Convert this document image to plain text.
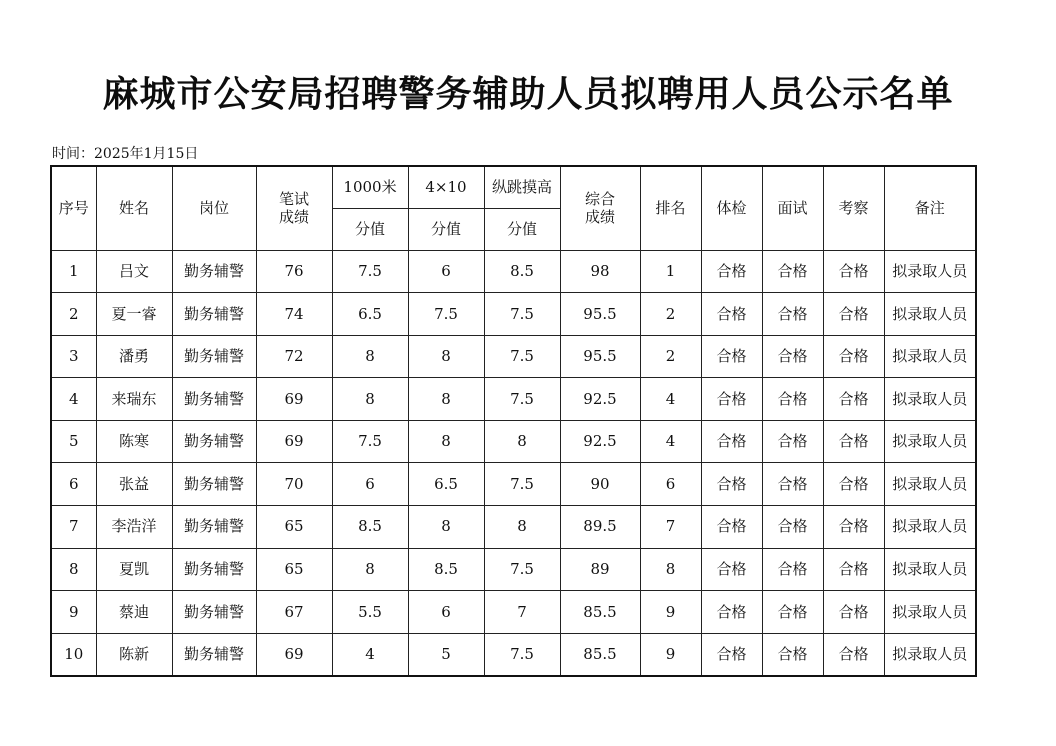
麻城市公安局招聘警务辅助人员拟聘用人员公示名单
时间：2025年1月15日
序号	姓名	岗位	笔试成绩	1000米	4×10	纵跳摸高	综合成绩	排名	体检	面试	考察	备注
				分值	分值	分值						
1	吕文	勤务辅警	76	7.5	6	8.5	98	1	合格	合格	合格	拟录取人员
2	夏一睿	勤务辅警	74	6.5	7.5	7.5	95.5	2	合格	合格	合格	拟录取人员
3	潘勇	勤务辅警	72	8	8	7.5	95.5	2	合格	合格	合格	拟录取人员
4	来瑞东	勤务辅警	69	8	8	7.5	92.5	4	合格	合格	合格	拟录取人员
5	陈寒	勤务辅警	69	7.5	8	8	92.5	4	合格	合格	合格	拟录取人员
6	张益	勤务辅警	70	6	6.5	7.5	90	6	合格	合格	合格	拟录取人员
7	李浩洋	勤务辅警	65	8.5	8	8	89.5	7	合格	合格	合格	拟录取人员
8	夏凯	勤务辅警	65	8	8.5	7.5	89	8	合格	合格	合格	拟录取人员
9	蔡迪	勤务辅警	67	5.5	6	7	85.5	9	合格	合格	合格	拟录取人员
10	陈新	勤务辅警	69	4	5	7.5	85.5	9	合格	合格	合格	拟录取人员
